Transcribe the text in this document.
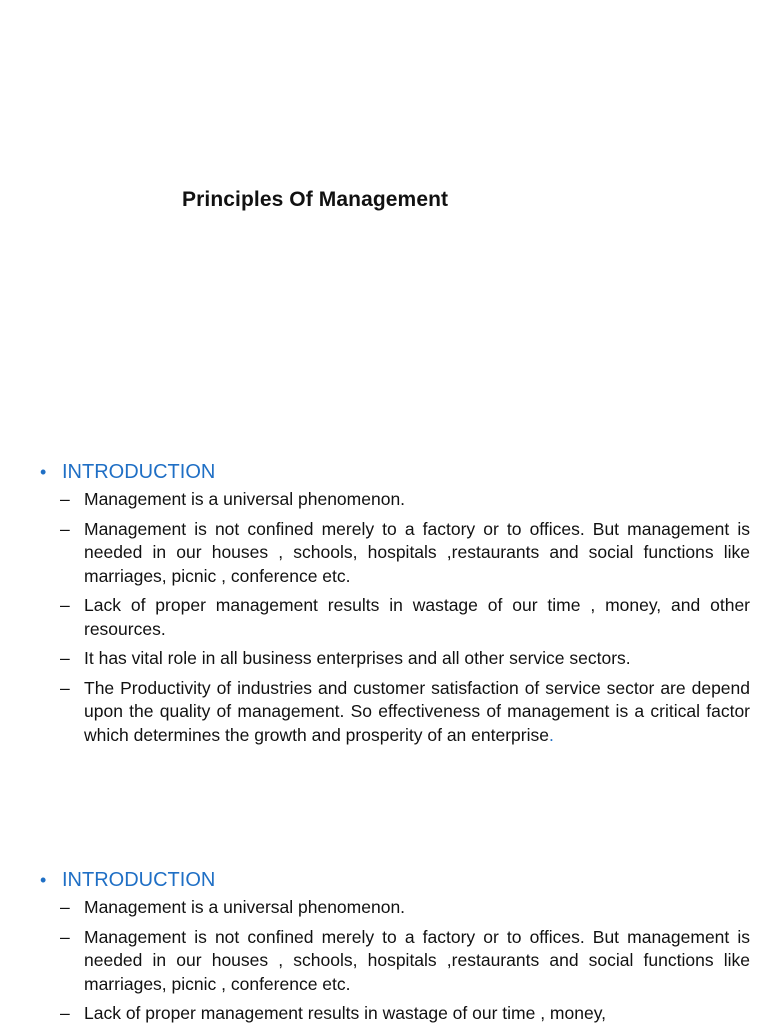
Principles Of Management
• INTRODUCTION
– Management is a universal phenomenon.
– Management is not confined merely to a factory or to offices. But management is needed in our houses , schools, hospitals ,restaurants and social functions like marriages, picnic , conference etc.
– Lack of proper management results in wastage of our time , money, and other resources.
– It has vital role in all business enterprises and all other service sectors.
– The Productivity of industries and customer satisfaction of service sector are depend upon the quality of management. So effectiveness of management is a critical factor which determines the growth and prosperity of an enterprise.
• INTRODUCTION
– Management is a universal phenomenon.
– Management is not confined merely to a factory or to offices. But management is needed in our houses , schools, hospitals ,restaurants and social functions like marriages, picnic , conference etc.
– Lack of proper management results in wastage of our time , money,
